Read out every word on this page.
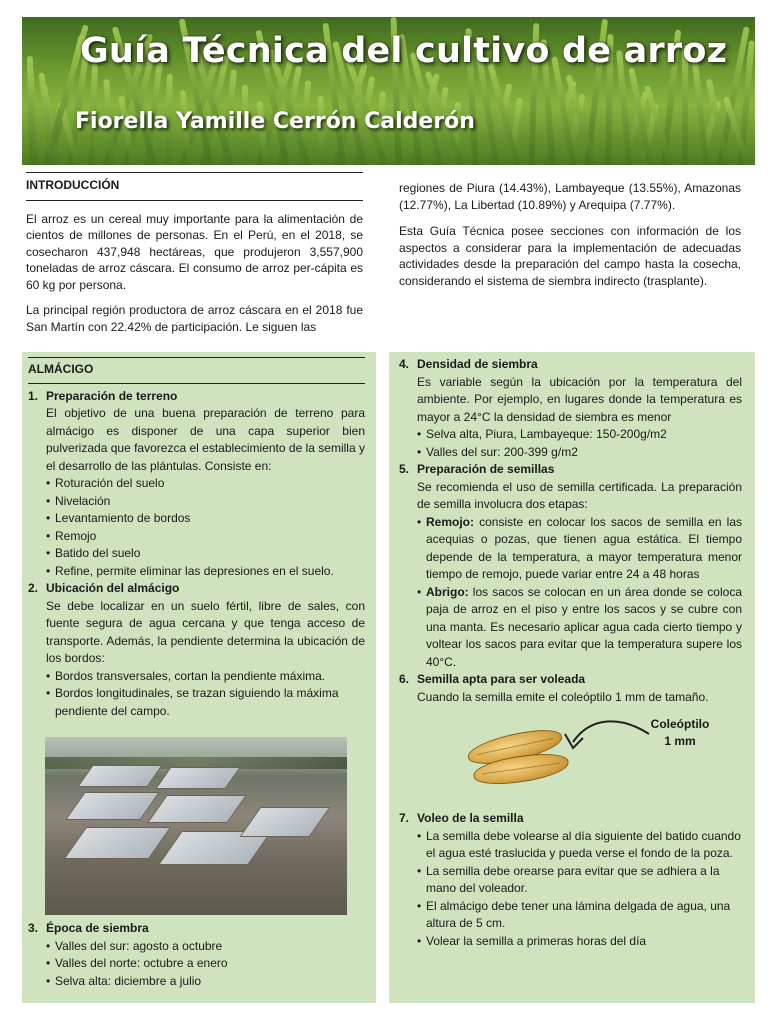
Guía Técnica del cultivo de arroz
Fiorella Yamille Cerrón Calderón
INTRODUCCIÓN

El arroz es un cereal muy importante para la alimentación de cientos de millones de personas. En el Perú, en el 2018, se cosecharon 437,948 hectáreas, que produjeron 3,557,900 toneladas de arroz cáscara. El consumo de arroz per-cápita es 60 kg por persona.

La principal región productora de arroz cáscara en el 2018 fue San Martín con 22.42% de participación. Le siguen las

regiones de Piura (14.43%), Lambayeque (13.55%), Amazonas (12.77%), La Libertad (10.89%) y Arequipa (7.77%).

Esta Guía Técnica posee secciones con información de los aspectos a considerar para la implementación de adecuadas actividades desde la preparación del campo hasta la cosecha, considerando el sistema de siembra indirecto (trasplante).

ALMÁCIGO
1. Preparación de terreno
El objetivo de una buena preparación de terreno para almácigo es disponer de una capa superior bien pulverizada que favorezca el establecimiento de la semilla y el desarrollo de las plántulas. Consiste en:
• Roturación del suelo
• Nivelación
• Levantamiento de bordos
• Remojo
• Batido del suelo
• Refine, permite eliminar las depresiones en el suelo.
2. Ubicación del almácigo
Se debe localizar en un suelo fértil, libre de sales, con fuente segura de agua cercana y que tenga acceso de transporte. Además, la pendiente determina la ubicación de los bordos:
• Bordos transversales, cortan la pendiente máxima.
• Bordos longitudinales, se trazan siguiendo la máxima pendiente del campo.
3. Época de siembra
• Valles del sur: agosto a octubre
• Valles del norte: octubre a enero
• Selva alta: diciembre a julio
4. Densidad de siembra
Es variable según la ubicación por la temperatura del ambiente. Por ejemplo, en lugares donde la temperatura es mayor a 24°C la densidad de siembra es menor
• Selva alta, Piura, Lambayeque: 150-200g/m2
• Valles del sur: 200-399 g/m2
5. Preparación de semillas
Se recomienda el uso de semilla certificada. La preparación de semilla involucra dos etapas:
• Remojo: consiste en colocar los sacos de semilla en las acequias o pozas, que tienen agua estática. El tiempo depende de la temperatura, a mayor temperatura menor tiempo de remojo, puede variar entre 24 a 48 horas
• Abrigo: los sacos se colocan en un área donde se coloca paja de arroz en el piso y entre los sacos y se cubre con una manta. Es necesario aplicar agua cada cierto tiempo y voltear los sacos para evitar que la temperatura supere los 40°C.
6. Semilla apta para ser voleada
Cuando la semilla emite el coleóptilo 1 mm de tamaño.
Coleóptilo
1 mm
7. Voleo de la semilla
• La semilla debe volearse al día siguiente del batido cuando el agua esté traslucida y pueda verse el fondo de la poza.
• La semilla debe orearse para evitar que se adhiera a la mano del voleador.
• El almácigo debe tener una lámina delgada de agua, una altura de 5 cm.
• Volear la semilla a primeras horas del día
